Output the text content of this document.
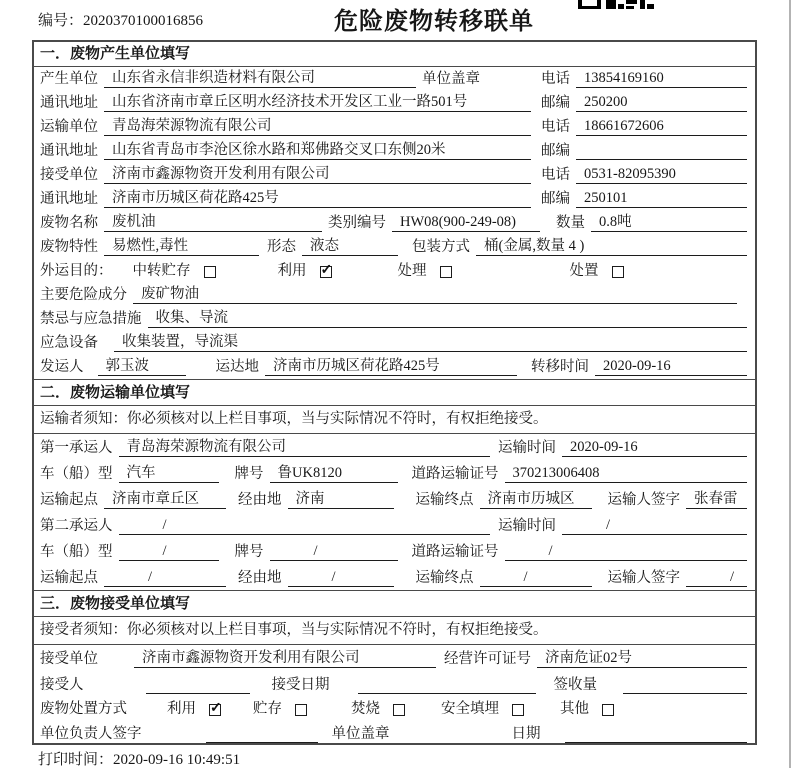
编号：2020370100016856	危险废物转移联单
一．废物产生单位填写
产生单位 山东省永信非织造材料有限公司	单位盖章	电话 13854169160
通讯地址 山东省济南市章丘区明水经济技术开发区工业一路501号	邮编 250200
运输单位 青岛海荣源物流有限公司	电话 18661672606
通讯地址 山东省青岛市李沧区徐水路和郑佛路交叉口东侧20米	邮编
接受单位 济南市鑫源物资开发利用有限公司	电话 0531-82095390
通讯地址 济南市历城区荷花路425号	邮编 250101
废物名称 废机油	类别编号 HW08(900-249-08)	数量 0.8吨
废物特性 易燃性,毒性	形态 液态	包装方式 桶(金属,数量 4 )
外运目的： 中转贮存	利用 ✓	处理	处置
主要危险成分 废矿物油
禁忌与应急措施 收集、导流
应急设备	收集装置，导流渠
发运人	郭玉波	运达地 济南市历城区荷花路425号	转移时间 2020-09-16
二．废物运输单位填写
运输者须知：你必须核对以上栏目事项，当与实际情况不符时，有权拒绝接受。
第一承运人 青岛海荣源物流有限公司	运输时间 2020-09-16
车（船）型 汽车	牌号 鲁UK8120	道路运输证号 370213006408
运输起点 济南市章丘区	经由地 济南	运输终点 济南市历城区	运输人签字 张春雷
第二承运人	/	运输时间	/
车（船）型	/	牌号	/	道路运输证号	/
运输起点	/	经由地	/	运输终点	/	运输人签字	/
三．废物接受单位填写
接受者须知：你必须核对以上栏目事项，当与实际情况不符时，有权拒绝接受。
接受单位	济南市鑫源物资开发利用有限公司	经营许可证号 济南危证02号
接受人	接受日期	签收量
废物处置方式	利用 ✓	贮存	焚烧	安全填埋	其他
单位负责人签字	单位盖章	日期
打印时间：2020-09-16 10:49:51
